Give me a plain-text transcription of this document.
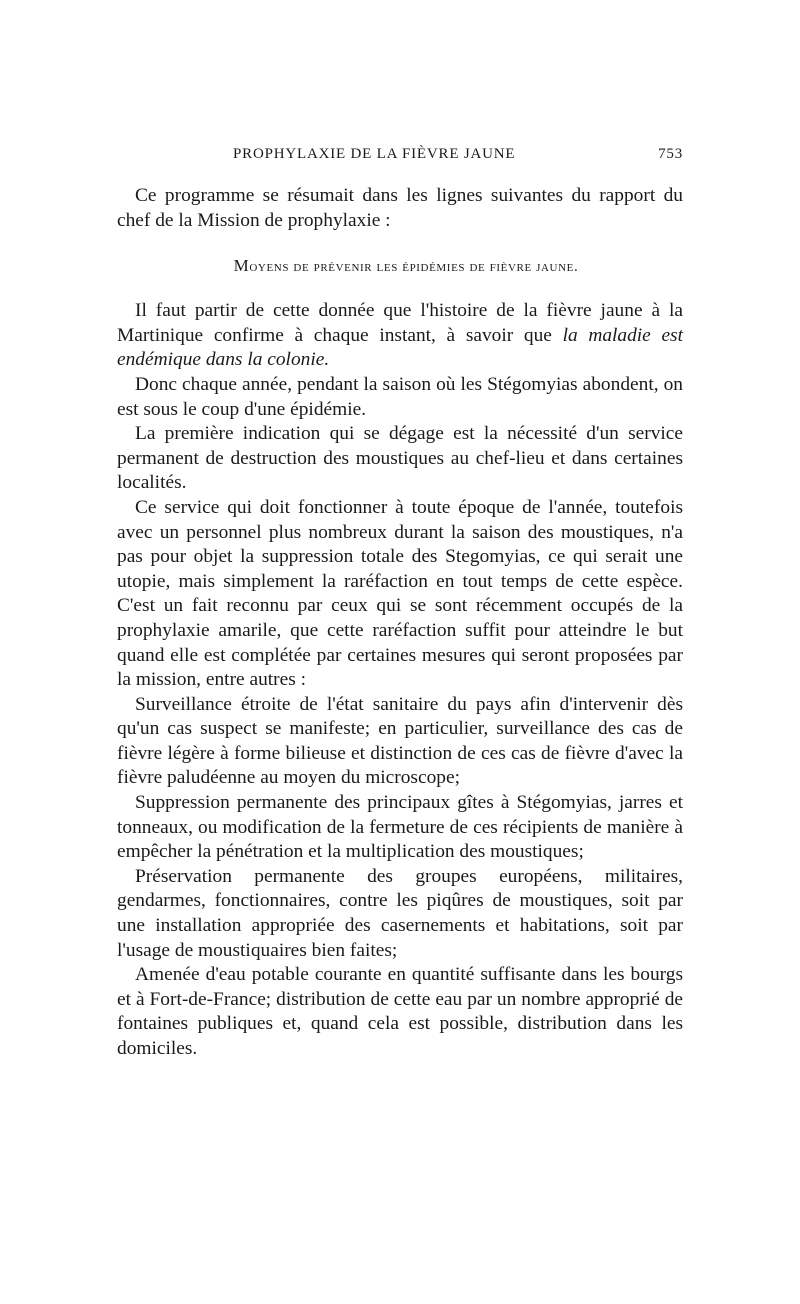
PROPHYLAXIE DE LA FIÈVRE JAUNE	753

Ce programme se résumait dans les lignes suivantes du rapport du chef de la Mission de prophylaxie :

Moyens de prévenir les épidémies de fièvre jaune.

Il faut partir de cette donnée que l'histoire de la fièvre jaune à la Martinique confirme à chaque instant, à savoir que la maladie est endémique dans la colonie.

Donc chaque année, pendant la saison où les Stégomyias abondent, on est sous le coup d'une épidémie.

La première indication qui se dégage est la nécessité d'un service permanent de destruction des moustiques au chef-lieu et dans certaines localités.

Ce service qui doit fonctionner à toute époque de l'année, toutefois avec un personnel plus nombreux durant la saison des moustiques, n'a pas pour objet la suppression totale des Stegomyias, ce qui serait une utopie, mais simplement la raréfaction en tout temps de cette espèce. C'est un fait reconnu par ceux qui se sont récemment occupés de la prophylaxie amarile, que cette raréfaction suffit pour atteindre le but quand elle est complétée par certaines mesures qui seront proposées par la mission, entre autres :

Surveillance étroite de l'état sanitaire du pays afin d'intervenir dès qu'un cas suspect se manifeste; en particulier, surveillance des cas de fièvre légère à forme bilieuse et distinction de ces cas de fièvre d'avec la fièvre paludéenne au moyen du microscope;

Suppression permanente des principaux gîtes à Stégomyias, jarres et tonneaux, ou modification de la fermeture de ces récipients de manière à empêcher la pénétration et la multiplication des moustiques;

Préservation permanente des groupes européens, militaires, gendarmes, fonctionnaires, contre les piqûres de moustiques, soit par une installation appropriée des casernements et habitations, soit par l'usage de moustiquaires bien faites;

Amenée d'eau potable courante en quantité suffisante dans les bourgs et à Fort-de-France; distribution de cette eau par un nombre approprié de fontaines publiques et, quand cela est possible, distribution dans les domiciles.
